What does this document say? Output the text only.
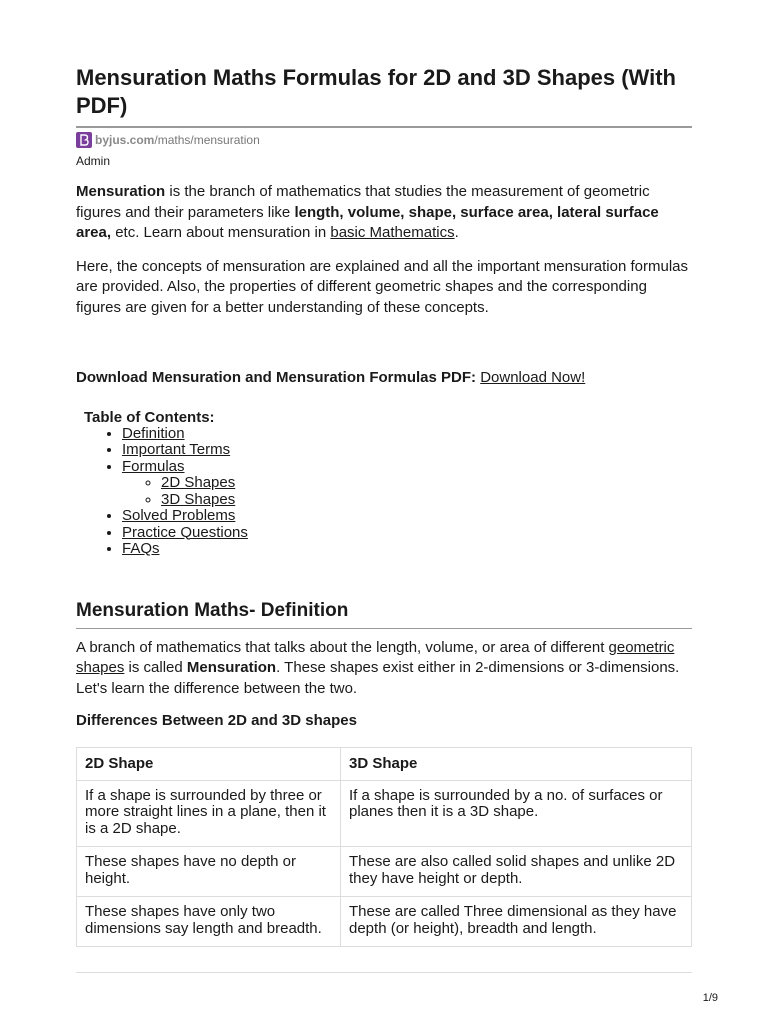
Mensuration Maths Formulas for 2D and 3D Shapes (With PDF)
byjus.com /maths/mensuration
Admin

Mensuration is the branch of mathematics that studies the measurement of geometric figures and their parameters like length, volume, shape, surface area, lateral surface area, etc. Learn about mensuration in basic Mathematics.

Here, the concepts of mensuration are explained and all the important mensuration formulas are provided. Also, the properties of different geometric shapes and the corresponding figures are given for a better understanding of these concepts.

Download Mensuration and Mensuration Formulas PDF: Download Now!

Table of Contents:
• Definition
• Important Terms
• Formulas
◦ 2D Shapes
◦ 3D Shapes
• Solved Problems
• Practice Questions
• FAQs
Mensuration Maths- Definition

A branch of mathematics that talks about the length, volume, or area of different geometric shapes is called Mensuration. These shapes exist either in 2-dimensions or 3-dimensions. Let's learn the difference between the two.

Differences Between 2D and 3D shapes
2D Shape	3D Shape
If a shape is surrounded by three or more straight lines in a plane, then it is a 2D shape.	If a shape is surrounded by a no. of surfaces or planes then it is a 3D shape.
These shapes have no depth or height.	These are also called solid shapes and unlike 2D they have height or depth.
These shapes have only two dimensions say length and breadth.	These are called Three dimensional as they have depth (or height), breadth and length.
1/9
